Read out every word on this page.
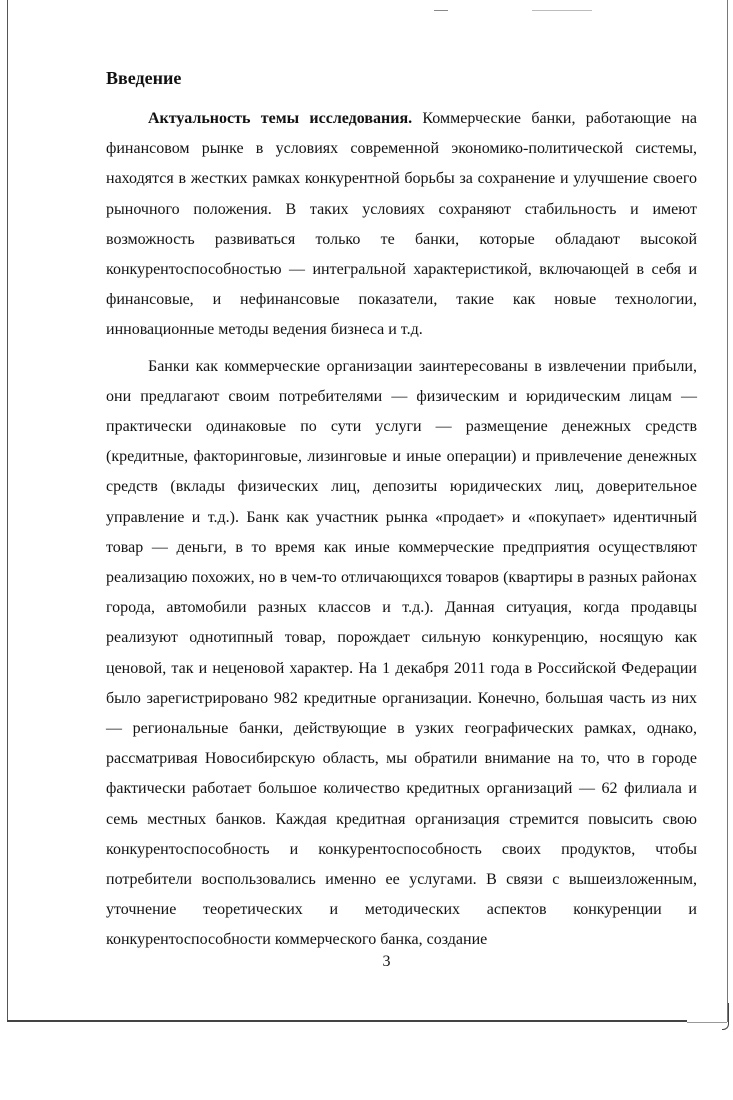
Введение

Актуальность темы исследования. Коммерческие банки, работающие на финансовом рынке в условиях современной экономико-политической системы, находятся в жестких рамках конкурентной борьбы за сохранение и улучшение своего рыночного положения. В таких условиях сохраняют стабильность и имеют возможность развиваться только те банки, которые обладают высокой конкурентоспособностью — интегральной характеристикой, включающей в себя и финансовые, и нефинансовые показатели, такие как новые технологии, инновационные методы ведения бизнеса и т.д.

Банки как коммерческие организации заинтересованы в извлечении прибыли, они предлагают своим потребителями — физическим и юридическим лицам — практически одинаковые по сути услуги — размещение денежных средств (кредитные, факторинговые, лизинговые и иные операции) и привлечение денежных средств (вклады физических лиц, депозиты юридических лиц, доверительное управление и т.д.). Банк как участник рынка «продает» и «покупает» идентичный товар — деньги, в то время как иные коммерческие предприятия осуществляют реализацию похожих, но в чем-то отличающихся товаров (квартиры в разных районах города, автомобили разных классов и т.д.). Данная ситуация, когда продавцы реализуют однотипный товар, порождает сильную конкуренцию, носящую как ценовой, так и неценовой характер. На 1 декабря 2011 года в Российской Федерации было зарегистрировано 982 кредитные организации. Конечно, большая часть из них — региональные банки, действующие в узких географических рамках, однако, рассматривая Новосибирскую область, мы обратили внимание на то, что в городе фактически работает большое количество кредитных организаций — 62 филиала и семь местных банков. Каждая кредитная организация стремится повысить свою конкурентоспособность и конкурентоспособность своих продуктов, чтобы потребители воспользовались именно ее услугами. В связи с вышеизложенным, уточнение теоретических и методических аспектов конкуренции и конкурентоспособности коммерческого банка, создание

3
